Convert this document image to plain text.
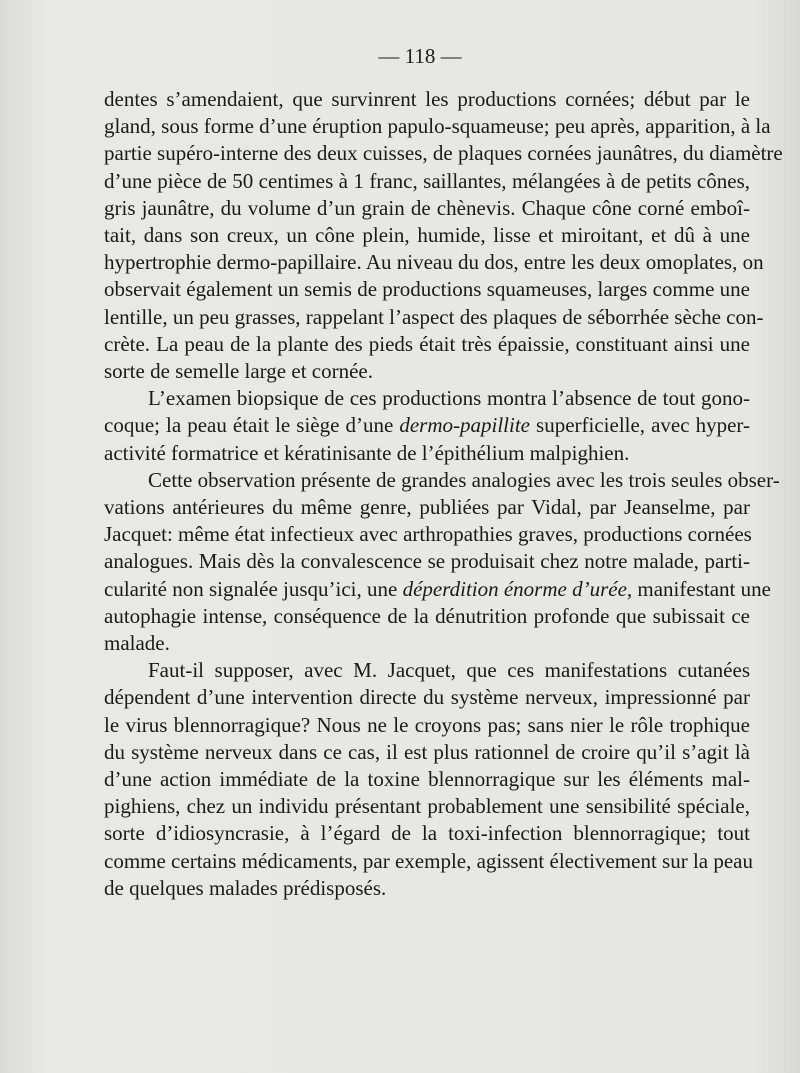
— 118 —

dentes s’amendaient, que survinrent les productions cornées; début par le
gland, sous forme d’une éruption papulo-squameuse; peu après, apparition, à la
partie supéro-interne des deux cuisses, de plaques cornées jaunâtres, du diamètre
d’une pièce de 50 centimes à 1 franc, saillantes, mélangées à de petits cônes,
gris jaunâtre, du volume d’un grain de chènevis. Chaque cône corné emboî-
tait, dans son creux, un cône plein, humide, lisse et miroitant, et dû à une
hypertrophie dermo-papillaire. Au niveau du dos, entre les deux omoplates, on
observait également un semis de productions squameuses, larges comme une
lentille, un peu grasses, rappelant l’aspect des plaques de séborrhée sèche con-
crète. La peau de la plante des pieds était très épaissie, constituant ainsi une
sorte de semelle large et cornée.

L’examen biopsique de ces productions montra l’absence de tout gono-
coque; la peau était le siège d’une dermo-papillite superficielle, avec hyper-
activité formatrice et kératinisante de l’épithélium malpighien.

Cette observation présente de grandes analogies avec les trois seules obser-
vations antérieures du même genre, publiées par Vidal, par Jeanselme, par
Jacquet: même état infectieux avec arthropathies graves, productions cornées
analogues. Mais dès la convalescence se produisait chez notre malade, parti-
cularité non signalée jusqu’ici, une déperdition énorme d’urée, manifestant une
autophagie intense, conséquence de la dénutrition profonde que subissait ce
malade.

Faut-il supposer, avec M. Jacquet, que ces manifestations cutanées
dépendent d’une intervention directe du système nerveux, impressionné par
le virus blennorragique? Nous ne le croyons pas; sans nier le rôle trophique
du système nerveux dans ce cas, il est plus rationnel de croire qu’il s’agit là
d’une action immédiate de la toxine blennorragique sur les éléments mal-
pighiens, chez un individu présentant probablement une sensibilité spéciale,
sorte d’idiosyncrasie, à l’égard de la toxi-infection blennorragique; tout
comme certains médicaments, par exemple, agissent électivement sur la peau
de quelques malades prédisposés.
